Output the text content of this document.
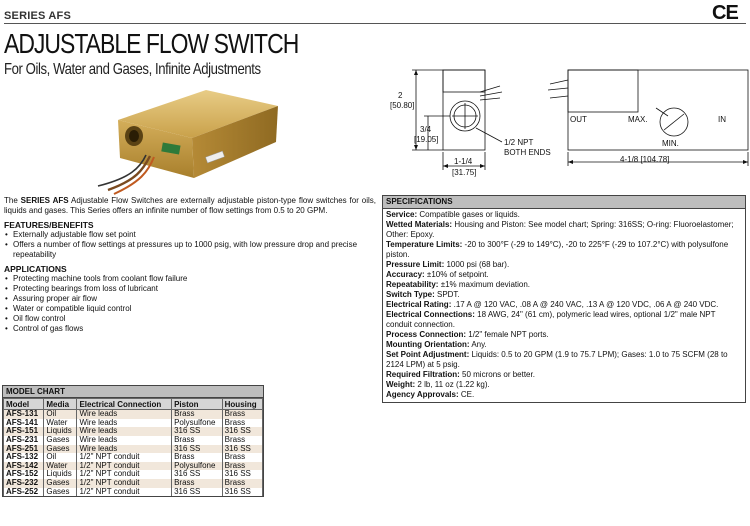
SERIES AFS	CE
ADJUSTABLE FLOW SWITCH
For Oils, Water and Gases, Infinite Adjustments
2
[50.80]
3/4
[19.05]
1-1/4
[31.75]
1/2 NPT
BOTH ENDS
4-1/8 [104.78]
OUT	MAX.
MIN.
IN

The SERIES AFS Adjustable Flow Switches are externally adjustable piston-type flow switches for oils, liquids and gases. This Series offers an infinite number of flow settings from 0.5 to 20 GPM.

FEATURES/BENEFITS
• Externally adjustable flow set point
• Offers a number of flow settings at pressures up to 1000 psig, with low pressure drop and precise repeatability
APPLICATIONS
• Protecting machine tools from coolant flow failure
• Protecting bearings from loss of lubricant
• Assuring proper air flow
• Water or compatible liquid control
• Oil flow control
• Control of gas flows
MODEL CHART
Model	Media	Electrical Connection	Piston	Housing
AFS-131	Oil	Wire leads	Brass	Brass
AFS-141	Water	Wire leads	Polysulfone	Brass
AFS-151	Liquids	Wire leads	316 SS	316 SS
AFS-231	Gases	Wire leads	Brass	Brass
AFS-251	Gases	Wire leads	316 SS	316 SS
AFS-132	Oil	1/2" NPT conduit	Brass	Brass
AFS-142	Water	1/2" NPT conduit	Polysulfone	Brass
AFS-152	Liquids	1/2" NPT conduit	316 SS	316 SS
AFS-232	Gases	1/2" NPT conduit	Brass	Brass
AFS-252	Gases	1/2" NPT conduit	316 SS	316 SS
SPECIFICATIONS
Service: Compatible gases or liquids.
Wetted Materials: Housing and Piston: See model chart; Spring: 316SS; O-ring: Fluoroelastomer; Other: Epoxy.
Temperature Limits: -20 to 300°F (-29 to 149°C), -20 to 225°F (-29 to 107.2°C) with polysulfone piston.
Pressure Limit: 1000 psi (68 bar).
Accuracy: ±10% of setpoint.
Repeatability: ±1% maximum deviation.
Switch Type: SPDT.
Electrical Rating: .17 A @ 120 VAC, .08 A @ 240 VAC, .13 A @ 120 VDC, .06 A @ 240 VDC.
Electrical Connections: 18 AWG, 24" (61 cm), polymeric lead wires, optional 1/2" male NPT conduit connection.
Process Connection: 1/2" female NPT ports.
Mounting Orientation: Any.
Set Point Adjustment: Liquids: 0.5 to 20 GPM (1.9 to 75.7 LPM); Gases: 1.0 to 75 SCFM (28 to 2124 LPM) at 5 psig.
Required Filtration: 50 microns or better.
Weight: 2 lb, 11 oz (1.22 kg).
Agency Approvals: CE.
